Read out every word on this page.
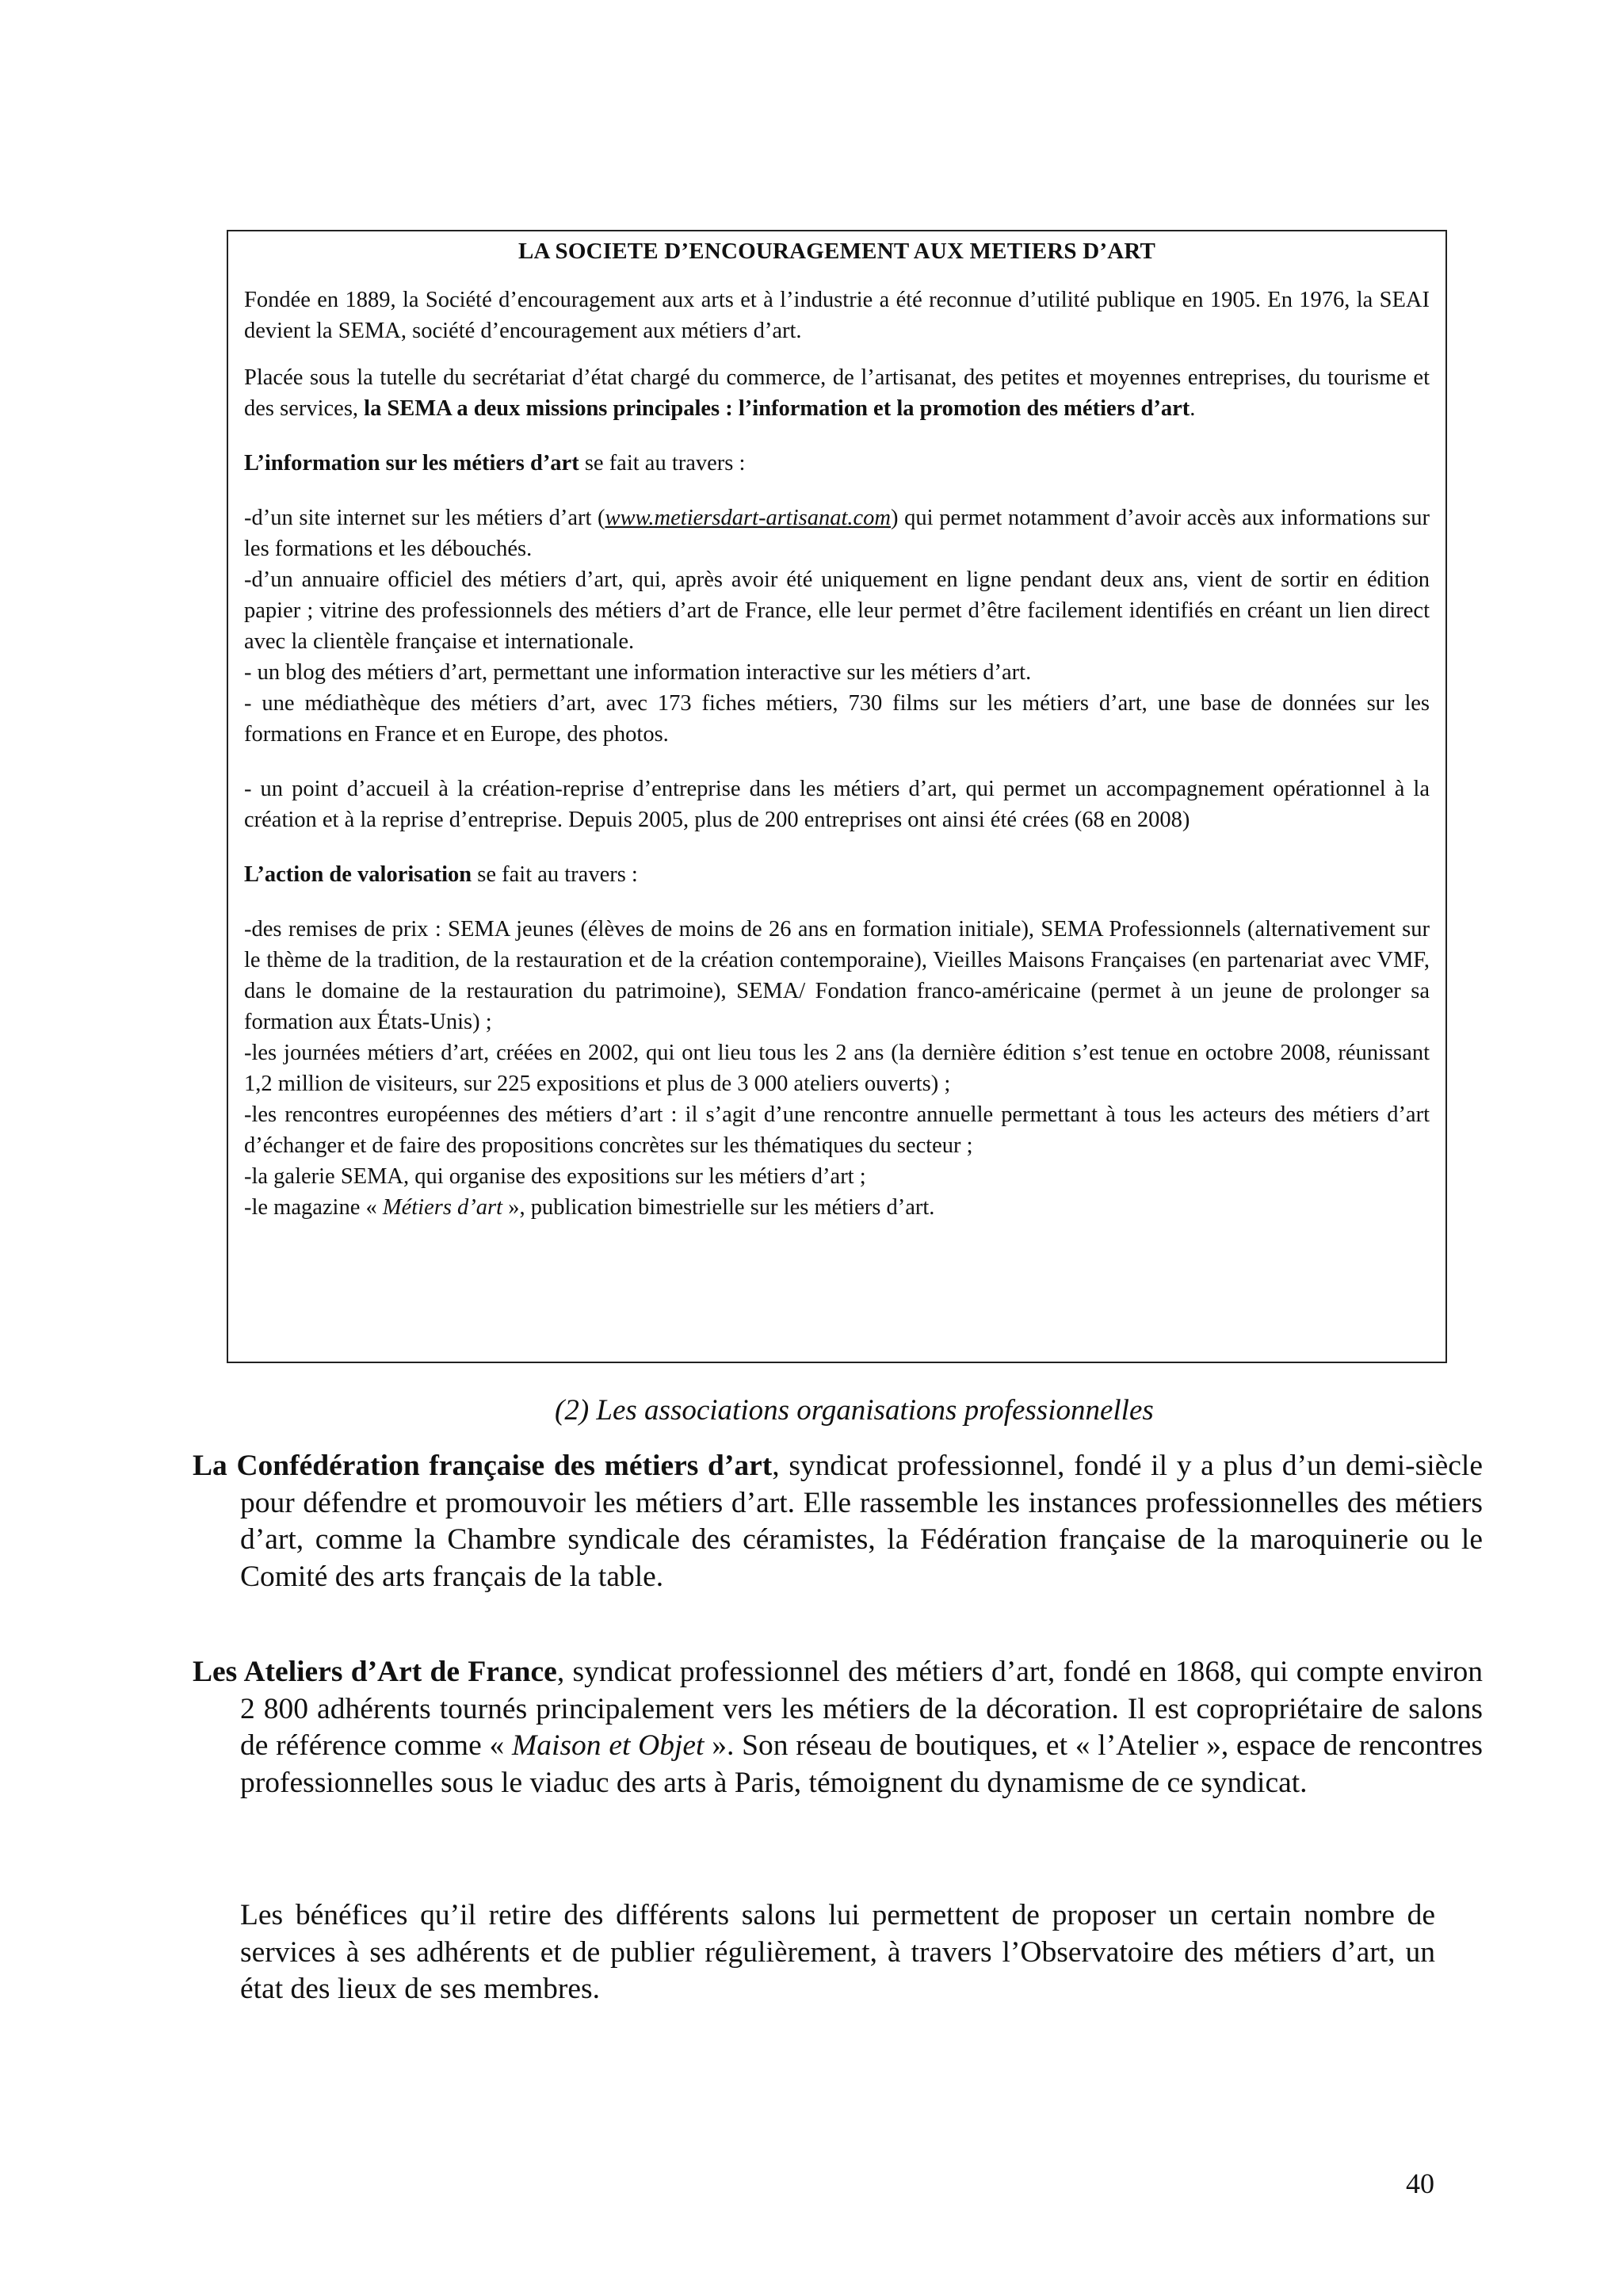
LA SOCIETE D’ENCOURAGEMENT AUX METIERS D’ART

Fondée en 1889, la Société d’encouragement aux arts et à l’industrie a été reconnue d’utilité publique en 1905. En 1976, la SEAI devient la SEMA, société d’encouragement aux métiers d’art.

Placée sous la tutelle du secrétariat d’état chargé du commerce, de l’artisanat, des petites et moyennes entreprises, du tourisme et des services, la SEMA a deux missions principales : l’information et la promotion des métiers d’art.

L’information sur les métiers d’art se fait au travers :

-d’un site internet sur les métiers d’art (www.metiersdart-artisanat.com) qui permet notamment d’avoir accès aux informations sur les formations et les débouchés.

-d’un annuaire officiel des métiers d’art, qui, après avoir été uniquement en ligne pendant deux ans, vient de sortir en édition papier ; vitrine des professionnels des métiers d’art de France, elle leur permet d’être facilement identifiés en créant un lien direct avec la clientèle française et internationale.

- un blog des métiers d’art, permettant une information interactive sur les métiers d’art.

- une médiathèque des métiers d’art, avec 173 fiches métiers, 730 films sur les métiers d’art, une base de données sur les formations en France et en Europe, des photos.

- un point d’accueil à la création-reprise d’entreprise dans les métiers d’art, qui permet un accompagnement opérationnel à la création et à la reprise d’entreprise. Depuis 2005, plus de 200 entreprises ont ainsi été crées (68 en 2008)

L’action de valorisation se fait au travers :

-des remises de prix : SEMA jeunes (élèves de moins de 26 ans en formation initiale), SEMA Professionnels (alternativement sur le thème de la tradition, de la restauration et de la création contemporaine), Vieilles Maisons Françaises (en partenariat avec VMF, dans le domaine de la restauration du patrimoine), SEMA/ Fondation franco-américaine (permet à un jeune de prolonger sa formation aux États-Unis) ;

-les journées métiers d’art, créées en 2002, qui ont lieu tous les 2 ans (la dernière édition s’est tenue en octobre 2008, réunissant 1,2 million de visiteurs, sur 225 expositions et plus de 3 000 ateliers ouverts) ;

-les rencontres européennes des métiers d’art : il s’agit d’une rencontre annuelle permettant à tous les acteurs des métiers d’art d’échanger et de faire des propositions concrètes sur les thématiques du secteur ;

-la galerie SEMA, qui organise des expositions sur les métiers d’art ;

-le magazine « Métiers d’art », publication bimestrielle sur les métiers d’art.

(2) Les associations organisations professionnelles
La Confédération française des métiers d’art, syndicat professionnel, fondé il y a plus d’un demi-siècle pour défendre et promouvoir les métiers d’art. Elle rassemble les instances professionnelles des métiers d’art, comme la Chambre syndicale des céramistes, la Fédération française de la maroquinerie ou le Comité des arts français de la table.
Les Ateliers d’Art de France, syndicat professionnel des métiers d’art, fondé en 1868, qui compte environ 2 800 adhérents tournés principalement vers les métiers de la décoration. Il est copropriétaire de salons de référence comme « Maison et Objet ». Son réseau de boutiques, et « l’Atelier », espace de rencontres professionnelles sous le viaduc des arts à Paris, témoignent du dynamisme de ce syndicat.
Les bénéfices qu’il retire des différents salons lui permettent de proposer un certain nombre de services à ses adhérents et de publier régulièrement, à travers l’Observatoire des métiers d’art, un état des lieux de ses membres.
40
